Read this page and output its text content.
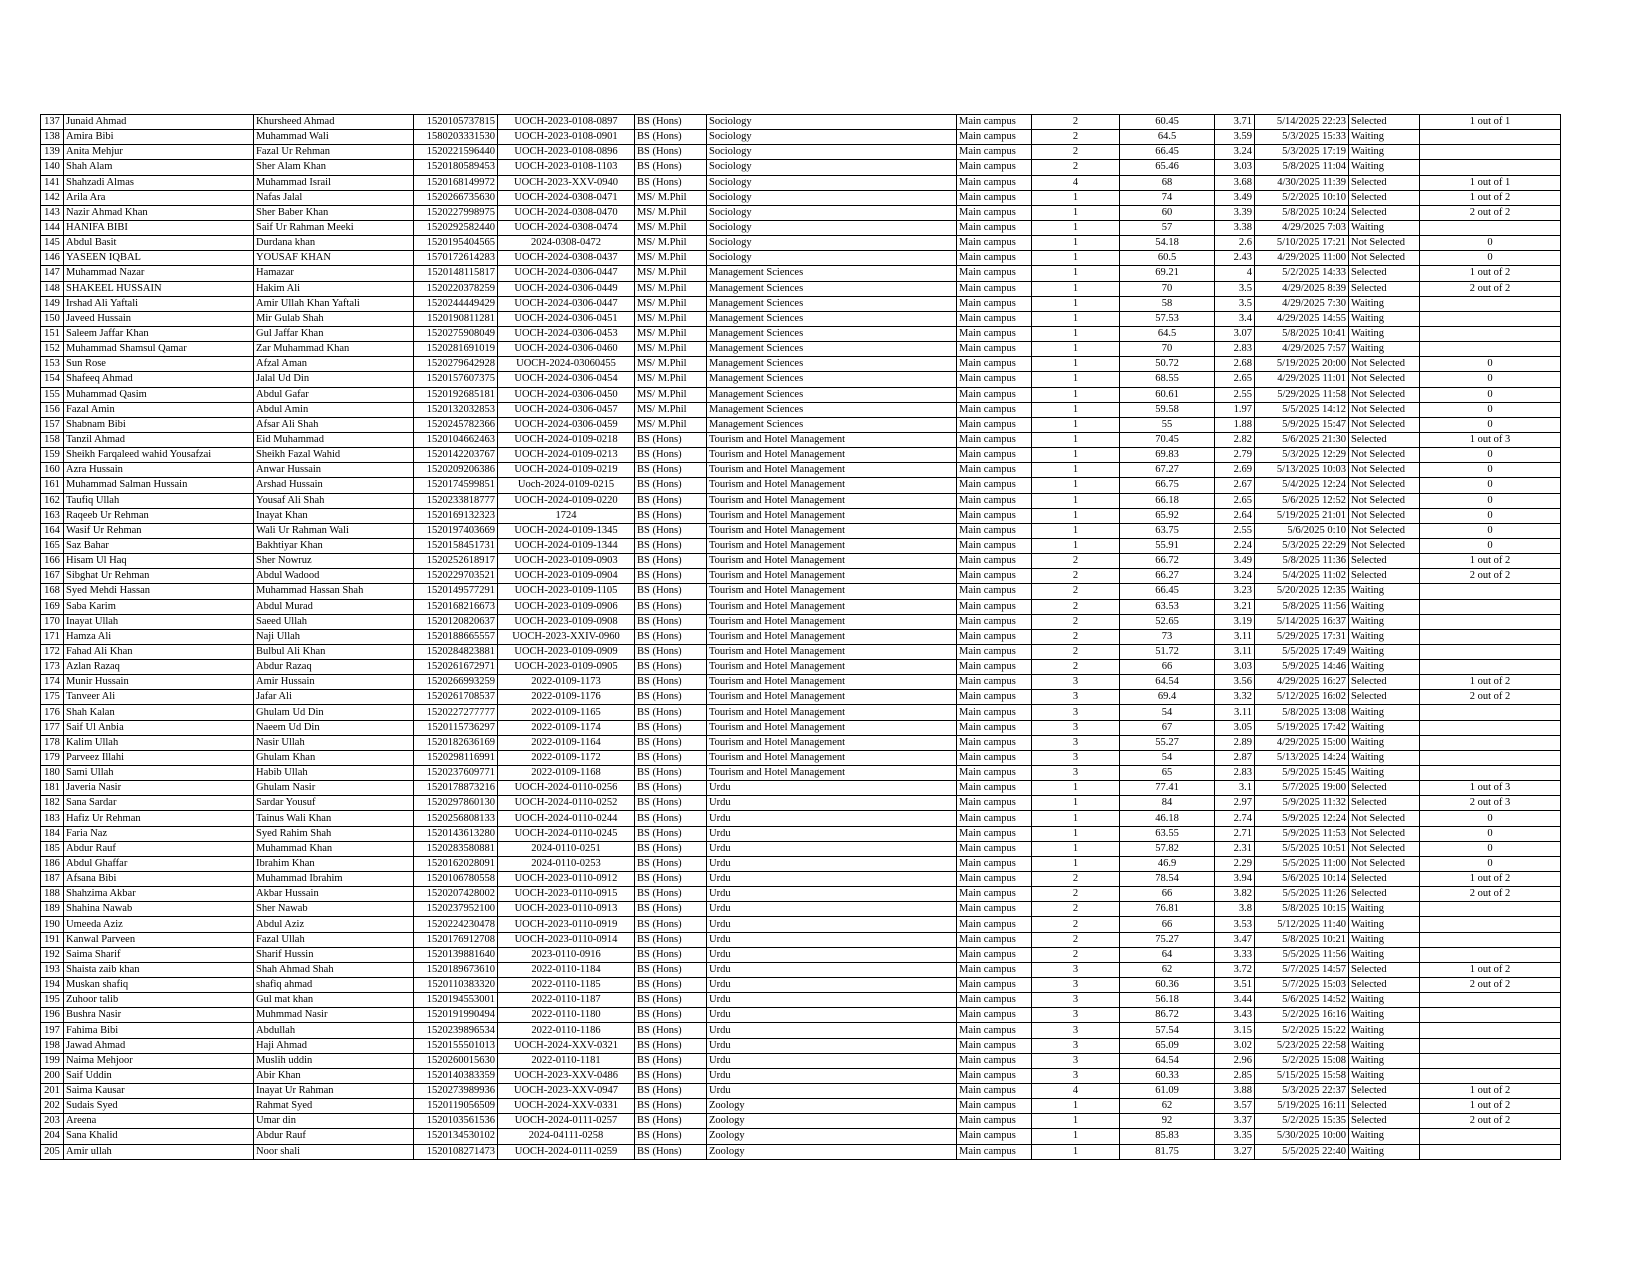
137	Junaid Ahmad	Khursheed Ahmad	1520105737815	UOCH-2023-0108-0897	BS (Hons)	Sociology	Main campus	2	60.45	3.71	5/14/2025 22:23	Selected	1 out of 1
138	Amira Bibi	Muhammad Wali	1580203331530	UOCH-2023-0108-0901	BS (Hons)	Sociology	Main campus	2	64.5	3.59	5/3/2025 15:33	Waiting	
139	Anita Mehjur	Fazal Ur Rehman	1520221596440	UOCH-2023-0108-0896	BS (Hons)	Sociology	Main campus	2	66.45	3.24	5/3/2025 17:19	Waiting	
140	Shah Alam	Sher Alam Khan	1520180589453	UOCH-2023-0108-1103	BS (Hons)	Sociology	Main campus	2	65.46	3.03	5/8/2025 11:04	Waiting	
141	Shahzadi Almas	Muhammad Israil	1520168149972	UOCH-2023-XXV-0940	BS (Hons)	Sociology	Main campus	4	68	3.68	4/30/2025 11:39	Selected	1 out of 1
142	Arila Ara	Nafas Jalal	1520266735630	UOCH-2024-0308-0471	MS/ M.Phil	Sociology	Main campus	1	74	3.49	5/2/2025 10:10	Selected	1 out of 2
143	Nazir Ahmad Khan	Sher Baber Khan	1520227998975	UOCH-2024-0308-0470	MS/ M.Phil	Sociology	Main campus	1	60	3.39	5/8/2025 10:24	Selected	2 out of 2
144	HANIFA BIBI	Saif Ur Rahman Meeki	1520292582440	UOCH-2024-0308-0474	MS/ M.Phil	Sociology	Main campus	1	57	3.38	4/29/2025 7:03	Waiting	
145	Abdul Basit	Durdana khan	1520195404565	2024-0308-0472	MS/ M.Phil	Sociology	Main campus	1	54.18	2.6	5/10/2025 17:21	Not Selected	0
146	YASEEN IQBAL	YOUSAF KHAN	1570172614283	UOCH-2024-0308-0437	MS/ M.Phil	Sociology	Main campus	1	60.5	2.43	4/29/2025 11:00	Not Selected	0
147	Muhammad Nazar	Hamazar	1520148115817	UOCH-2024-0306-0447	MS/ M.Phil	Management Sciences	Main campus	1	69.21	4	5/2/2025 14:33	Selected	1 out of 2
148	SHAKEEL HUSSAIN	Hakim Ali	1520220378259	UOCH-2024-0306-0449	MS/ M.Phil	Management Sciences	Main campus	1	70	3.5	4/29/2025 8:39	Selected	2 out of 2
149	Irshad Ali Yaftali	Amir Ullah Khan Yaftali	1520244449429	UOCH-2024-0306-0447	MS/ M.Phil	Management Sciences	Main campus	1	58	3.5	4/29/2025 7:30	Waiting	
150	Javeed Hussain	Mir Gulab Shah	1520190811281	UOCH-2024-0306-0451	MS/ M.Phil	Management Sciences	Main campus	1	57.53	3.4	4/29/2025 14:55	Waiting	
151	Saleem Jaffar Khan	Gul Jaffar Khan	1520275908049	UOCH-2024-0306-0453	MS/ M.Phil	Management Sciences	Main campus	1	64.5	3.07	5/8/2025 10:41	Waiting	
152	Muhammad Shamsul Qamar	Zar Muhammad Khan	1520281691019	UOCH-2024-0306-0460	MS/ M.Phil	Management Sciences	Main campus	1	70	2.83	4/29/2025 7:57	Waiting	
153	Sun Rose	Afzal Aman	1520279642928	UOCH-2024-03060455	MS/ M.Phil	Management Sciences	Main campus	1	50.72	2.68	5/19/2025 20:00	Not Selected	0
154	Shafeeq Ahmad	Jalal Ud Din	1520157607375	UOCH-2024-0306-0454	MS/ M.Phil	Management Sciences	Main campus	1	68.55	2.65	4/29/2025 11:01	Not Selected	0
155	Muhammad Qasim	Abdul Gafar	1520192685181	UOCH-2024-0306-0450	MS/ M.Phil	Management Sciences	Main campus	1	60.61	2.55	5/29/2025 11:58	Not Selected	0
156	Fazal Amin	Abdul Amin	1520132032853	UOCH-2024-0306-0457	MS/ M.Phil	Management Sciences	Main campus	1	59.58	1.97	5/5/2025 14:12	Not Selected	0
157	Shabnam Bibi	Afsar Ali Shah	1520245782366	UOCH-2024-0306-0459	MS/ M.Phil	Management Sciences	Main campus	1	55	1.88	5/9/2025 15:47	Not Selected	0
158	Tanzil Ahmad	Eid Muhammad	1520104662463	UOCH-2024-0109-0218	BS (Hons)	Tourism and Hotel Management	Main campus	1	70.45	2.82	5/6/2025 21:30	Selected	1 out of 3
159	Sheikh Farqaleed wahid Yousafzai	Sheikh Fazal Wahid	1520142203767	UOCH-2024-0109-0213	BS (Hons)	Tourism and Hotel Management	Main campus	1	69.83	2.79	5/3/2025 12:29	Not Selected	0
160	Azra Hussain	Anwar Hussain	1520209206386	UOCH-2024-0109-0219	BS (Hons)	Tourism and Hotel Management	Main campus	1	67.27	2.69	5/13/2025 10:03	Not Selected	0
161	Muhammad Salman Hussain	Arshad Hussain	1520174599851	Uoch-2024-0109-0215	BS (Hons)	Tourism and Hotel Management	Main campus	1	66.75	2.67	5/4/2025 12:24	Not Selected	0
162	Taufiq Ullah	Yousaf Ali Shah	1520233818777	UOCH-2024-0109-0220	BS (Hons)	Tourism and Hotel Management	Main campus	1	66.18	2.65	5/6/2025 12:52	Not Selected	0
163	Raqeeb Ur Rehman	Inayat Khan	1520169132323	1724	BS (Hons)	Tourism and Hotel Management	Main campus	1	65.92	2.64	5/19/2025 21:01	Not Selected	0
164	Wasif Ur Rehman	Wali Ur Rahman Wali	1520197403669	UOCH-2024-0109-1345	BS (Hons)	Tourism and Hotel Management	Main campus	1	63.75	2.55	5/6/2025 0:10	Not Selected	0
165	Saz Bahar	Bakhtiyar Khan	1520158451731	UOCH-2024-0109-1344	BS (Hons)	Tourism and Hotel Management	Main campus	1	55.91	2.24	5/3/2025 22:29	Not Selected	0
166	Hisam Ul Haq	Sher Nowruz	1520252618917	UOCH-2023-0109-0903	BS (Hons)	Tourism and Hotel Management	Main campus	2	66.72	3.49	5/8/2025 11:36	Selected	1 out of 2
167	Sibghat Ur Rehman	Abdul Wadood	1520229703521	UOCH-2023-0109-0904	BS (Hons)	Tourism and Hotel Management	Main campus	2	66.27	3.24	5/4/2025 11:02	Selected	2 out of 2
168	Syed Mehdi Hassan	Muhammad Hassan Shah	1520149577291	UOCH-2023-0109-1105	BS (Hons)	Tourism and Hotel Management	Main campus	2	66.45	3.23	5/20/2025 12:35	Waiting	
169	Saba Karim	Abdul Murad	1520168216673	UOCH-2023-0109-0906	BS (Hons)	Tourism and Hotel Management	Main campus	2	63.53	3.21	5/8/2025 11:56	Waiting	
170	Inayat Ullah	Saeed Ullah	1520120820637	UOCH-2023-0109-0908	BS (Hons)	Tourism and Hotel Management	Main campus	2	52.65	3.19	5/14/2025 16:37	Waiting	
171	Hamza Ali	Naji Ullah	1520188665557	UOCH-2023-XXIV-0960	BS (Hons)	Tourism and Hotel Management	Main campus	2	73	3.11	5/29/2025 17:31	Waiting	
172	Fahad Ali Khan	Bulbul Ali Khan	1520284823881	UOCH-2023-0109-0909	BS (Hons)	Tourism and Hotel Management	Main campus	2	51.72	3.11	5/5/2025 17:49	Waiting	
173	Azlan Razaq	Abdur Razaq	1520261672971	UOCH-2023-0109-0905	BS (Hons)	Tourism and Hotel Management	Main campus	2	66	3.03	5/9/2025 14:46	Waiting	
174	Munir Hussain	Amir Hussain	1520266993259	2022-0109-1173	BS (Hons)	Tourism and Hotel Management	Main campus	3	64.54	3.56	4/29/2025 16:27	Selected	1 out of 2
175	Tanveer Ali	Jafar Ali	1520261708537	2022-0109-1176	BS (Hons)	Tourism and Hotel Management	Main campus	3	69.4	3.32	5/12/2025 16:02	Selected	2 out of 2
176	Shah Kalan	Ghulam Ud Din	1520227277777	2022-0109-1165	BS (Hons)	Tourism and Hotel Management	Main campus	3	54	3.11	5/8/2025 13:08	Waiting	
177	Saif Ul Anbia	Naeem Ud Din	1520115736297	2022-0109-1174	BS (Hons)	Tourism and Hotel Management	Main campus	3	67	3.05	5/19/2025 17:42	Waiting	
178	Kalim Ullah	Nasir Ullah	1520182636169	2022-0109-1164	BS (Hons)	Tourism and Hotel Management	Main campus	3	55.27	2.89	4/29/2025 15:00	Waiting	
179	Parveez Illahi	Ghulam Khan	1520298116991	2022-0109-1172	BS (Hons)	Tourism and Hotel Management	Main campus	3	54	2.87	5/13/2025 14:24	Waiting	
180	Sami Ullah	Habib Ullah	1520237609771	2022-0109-1168	BS (Hons)	Tourism and Hotel Management	Main campus	3	65	2.83	5/9/2025 15:45	Waiting	
181	Javeria Nasir	Ghulam Nasir	1520178873216	UOCH-2024-0110-0256	BS (Hons)	Urdu	Main campus	1	77.41	3.1	5/7/2025 19:00	Selected	1 out of 3
182	Sana Sardar	Sardar Yousuf	1520297860130	UOCH-2024-0110-0252	BS (Hons)	Urdu	Main campus	1	84	2.97	5/9/2025 11:32	Selected	2 out of 3
183	Hafiz Ur Rehman	Tainus Wali Khan	1520256808133	UOCH-2024-0110-0244	BS (Hons)	Urdu	Main campus	1	46.18	2.74	5/9/2025 12:24	Not Selected	0
184	Faria Naz	Syed Rahim Shah	1520143613280	UOCH-2024-0110-0245	BS (Hons)	Urdu	Main campus	1	63.55	2.71	5/9/2025 11:53	Not Selected	0
185	Abdur Rauf	Muhammad Khan	1520283580881	2024-0110-0251	BS (Hons)	Urdu	Main campus	1	57.82	2.31	5/5/2025 10:51	Not Selected	0
186	Abdul Ghaffar	Ibrahim Khan	1520162028091	2024-0110-0253	BS (Hons)	Urdu	Main campus	1	46.9	2.29	5/5/2025 11:00	Not Selected	0
187	Afsana Bibi	Muhammad Ibrahim	1520106780558	UOCH-2023-0110-0912	BS (Hons)	Urdu	Main campus	2	78.54	3.94	5/6/2025 10:14	Selected	1 out of 2
188	Shahzima Akbar	Akbar Hussain	1520207428002	UOCH-2023-0110-0915	BS (Hons)	Urdu	Main campus	2	66	3.82	5/5/2025 11:26	Selected	2 out of 2
189	Shahina Nawab	Sher Nawab	1520237952100	UOCH-2023-0110-0913	BS (Hons)	Urdu	Main campus	2	76.81	3.8	5/8/2025 10:15	Waiting	
190	Umeeda Aziz	Abdul Aziz	1520224230478	UOCH-2023-0110-0919	BS (Hons)	Urdu	Main campus	2	66	3.53	5/12/2025 11:40	Waiting	
191	Kanwal Parveen	Fazal Ullah	1520176912708	UOCH-2023-0110-0914	BS (Hons)	Urdu	Main campus	2	75.27	3.47	5/8/2025 10:21	Waiting	
192	Saima Sharif	Sharif Hussin	1520139881640	2023-0110-0916	BS (Hons)	Urdu	Main campus	2	64	3.33	5/5/2025 11:56	Waiting	
193	Shaista zaib khan	Shah Ahmad Shah	1520189673610	2022-0110-1184	BS (Hons)	Urdu	Main campus	3	62	3.72	5/7/2025 14:57	Selected	1 out of 2
194	Muskan shafiq	shafiq ahmad	1520110383320	2022-0110-1185	BS (Hons)	Urdu	Main campus	3	60.36	3.51	5/7/2025 15:03	Selected	2 out of 2
195	Zuhoor talib	Gul mat khan	1520194553001	2022-0110-1187	BS (Hons)	Urdu	Main campus	3	56.18	3.44	5/6/2025 14:52	Waiting	
196	Bushra Nasir	Muhmmad Nasir	1520191990494	2022-0110-1180	BS (Hons)	Urdu	Main campus	3	86.72	3.43	5/2/2025 16:16	Waiting	
197	Fahima Bibi	Abdullah	1520239896534	2022-0110-1186	BS (Hons)	Urdu	Main campus	3	57.54	3.15	5/2/2025 15:22	Waiting	
198	Jawad Ahmad	Haji Ahmad	1520155501013	UOCH-2024-XXV-0321	BS (Hons)	Urdu	Main campus	3	65.09	3.02	5/23/2025 22:58	Waiting	
199	Naima Mehjoor	Muslih uddin	1520260015630	2022-0110-1181	BS (Hons)	Urdu	Main campus	3	64.54	2.96	5/2/2025 15:08	Waiting	
200	Saif Uddin	Abir Khan	1520140383359	UOCH-2023-XXV-0486	BS (Hons)	Urdu	Main campus	3	60.33	2.85	5/15/2025 15:58	Waiting	
201	Saima Kausar	Inayat Ur Rahman	1520273989936	UOCH-2023-XXV-0947	BS (Hons)	Urdu	Main campus	4	61.09	3.88	5/3/2025 22:37	Selected	1 out of 2
202	Sudais Syed	Rahmat Syed	1520119056509	UOCH-2024-XXV-0331	BS (Hons)	Zoology	Main campus	1	62	3.57	5/19/2025 16:11	Selected	1 out of 2
203	Areena	Umar din	1520103561536	UOCH-2024-0111-0257	BS (Hons)	Zoology	Main campus	1	92	3.37	5/2/2025 15:35	Selected	2 out of 2
204	Sana Khalid	Abdur Rauf	1520134530102	2024-04111-0258	BS (Hons)	Zoology	Main campus	1	85.83	3.35	5/30/2025 10:00	Waiting	
205	Amir ullah	Noor shali	1520108271473	UOCH-2024-0111-0259	BS (Hons)	Zoology	Main campus	1	81.75	3.27	5/5/2025 22:40	Waiting	
